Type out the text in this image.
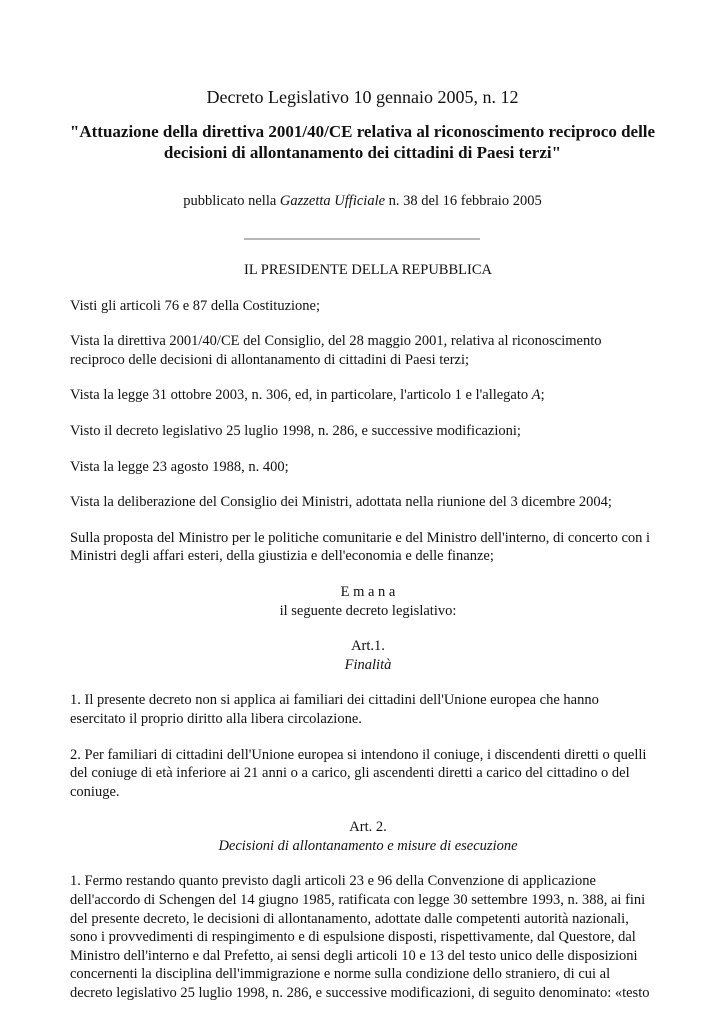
Decreto Legislativo 10 gennaio 2005, n. 12
"Attuazione della direttiva 2001/40/CE relativa al riconoscimento reciproco delle
decisioni di allontanamento dei cittadini di Paesi terzi"
pubblicato nella Gazzetta Ufficiale n. 38 del 16 febbraio 2005

IL PRESIDENTE DELLA REPUBBLICA

Visti gli articoli 76 e 87 della Costituzione;

Vista la direttiva 2001/40/CE del Consiglio, del 28 maggio 2001, relativa al riconoscimento
reciproco delle decisioni di allontanamento di cittadini di Paesi terzi;

Vista la legge 31 ottobre 2003, n. 306, ed, in particolare, l'articolo 1 e l'allegato A;

Visto il decreto legislativo 25 luglio 1998, n. 286, e successive modificazioni;

Vista la legge 23 agosto 1988, n. 400;

Vista la deliberazione del Consiglio dei Ministri, adottata nella riunione del 3 dicembre 2004;

Sulla proposta del Ministro per le politiche comunitarie e del Ministro dell'interno, di concerto con i
Ministri degli affari esteri, della giustizia e dell'economia e delle finanze;

E m a n a
il seguente decreto legislativo:
Art.1.
Finalità

1. Il presente decreto non si applica ai familiari dei cittadini dell'Unione europea che hanno
esercitato il proprio diritto alla libera circolazione.

2. Per familiari di cittadini dell'Unione europea si intendono il coniuge, i discendenti diretti o quelli
del coniuge di età inferiore ai 21 anni o a carico, gli ascendenti diretti a carico del cittadino o del
coniuge.

Art. 2.
Decisioni di allontanamento e misure di esecuzione

1. Fermo restando quanto previsto dagli articoli 23 e 96 della Convenzione di applicazione
dell'accordo di Schengen del 14 giugno 1985, ratificata con legge 30 settembre 1993, n. 388, ai fini
del presente decreto, le decisioni di allontanamento, adottate dalle competenti autorità nazionali,
sono i provvedimenti di respingimento e di espulsione disposti, rispettivamente, dal Questore, dal
Ministro dell'interno e dal Prefetto, ai sensi degli articoli 10 e 13 del testo unico delle disposizioni
concernenti la disciplina dell'immigrazione e norme sulla condizione dello straniero, di cui al
decreto legislativo 25 luglio 1998, n. 286, e successive modificazioni, di seguito denominato: «testo
